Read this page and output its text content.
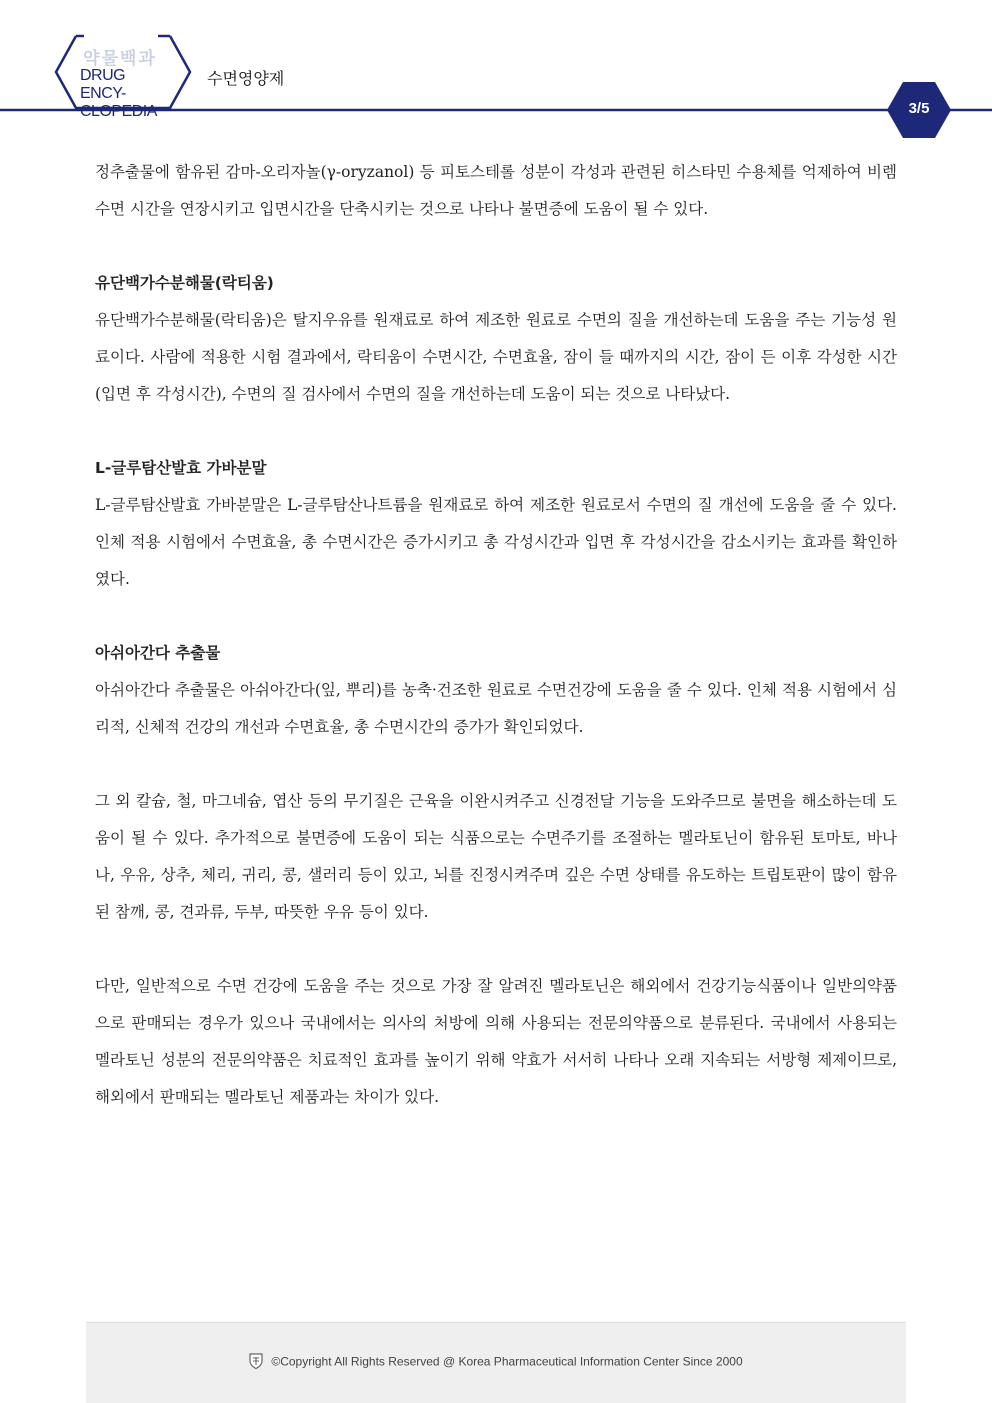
약물백과
DRUG ENCY-
CLOPEDIA
수면영양제
3/5

정추출물에 함유된 감마-오리자놀(γ-oryzanol) 등 피토스테롤 성분이 각성과 관련된 히스타민 수용체를 억제하여 비렘수면 시간을 연장시키고 입면시간을 단축시키는 것으로 나타나 불면증에 도움이 될 수 있다.

유단백가수분해물(락티움)

유단백가수분해물(락티움)은 탈지우유를 원재료로 하여 제조한 원료로 수면의 질을 개선하는데 도움을 주는 기능성 원료이다. 사람에 적용한 시험 결과에서, 락티움이 수면시간, 수면효율, 잠이 들 때까지의 시간, 잠이 든 이후 각성한 시간(입면 후 각성시간), 수면의 질 검사에서 수면의 질을 개선하는데 도움이 되는 것으로 나타났다.

L-글루탐산발효 가바분말

L-글루탐산발효 가바분말은 L-글루탐산나트륨을 원재료로 하여 제조한 원료로서 수면의 질 개선에 도움을 줄 수 있다. 인체 적용 시험에서 수면효율, 총 수면시간은 증가시키고 총 각성시간과 입면 후 각성시간을 감소시키는 효과를 확인하였다.

아쉬아간다 추출물

아쉬아간다 추출물은 아쉬아간다(잎, 뿌리)를 농축·건조한 원료로 수면건강에 도움을 줄 수 있다. 인체 적용 시험에서 심리적, 신체적 건강의 개선과 수면효율, 총 수면시간의 증가가 확인되었다.

그 외 칼슘, 철, 마그네슘, 엽산 등의 무기질은 근육을 이완시켜주고 신경전달 기능을 도와주므로 불면을 해소하는데 도움이 될 수 있다. 추가적으로 불면증에 도움이 되는 식품으로는 수면주기를 조절하는 멜라토닌이 함유된 토마토, 바나나, 우유, 상추, 체리, 귀리, 콩, 샐러리 등이 있고, 뇌를 진정시켜주며 깊은 수면 상태를 유도하는 트립토판이 많이 함유된 참깨, 콩, 견과류, 두부, 따뜻한 우유 등이 있다.

다만, 일반적으로 수면 건강에 도움을 주는 것으로 가장 잘 알려진 멜라토닌은 해외에서 건강기능식품이나 일반의약품으로 판매되는 경우가 있으나 국내에서는 의사의 처방에 의해 사용되는 전문의약품으로 분류된다. 국내에서 사용되는 멜라토닌 성분의 전문의약품은 치료적인 효과를 높이기 위해 약효가 서서히 나타나 오래 지속되는 서방형 제제이므로, 해외에서 판매되는 멜라토닌 제품과는 차이가 있다.

©Copyright All Rights Reserved @ Korea Pharmaceutical Information Center Since 2000
